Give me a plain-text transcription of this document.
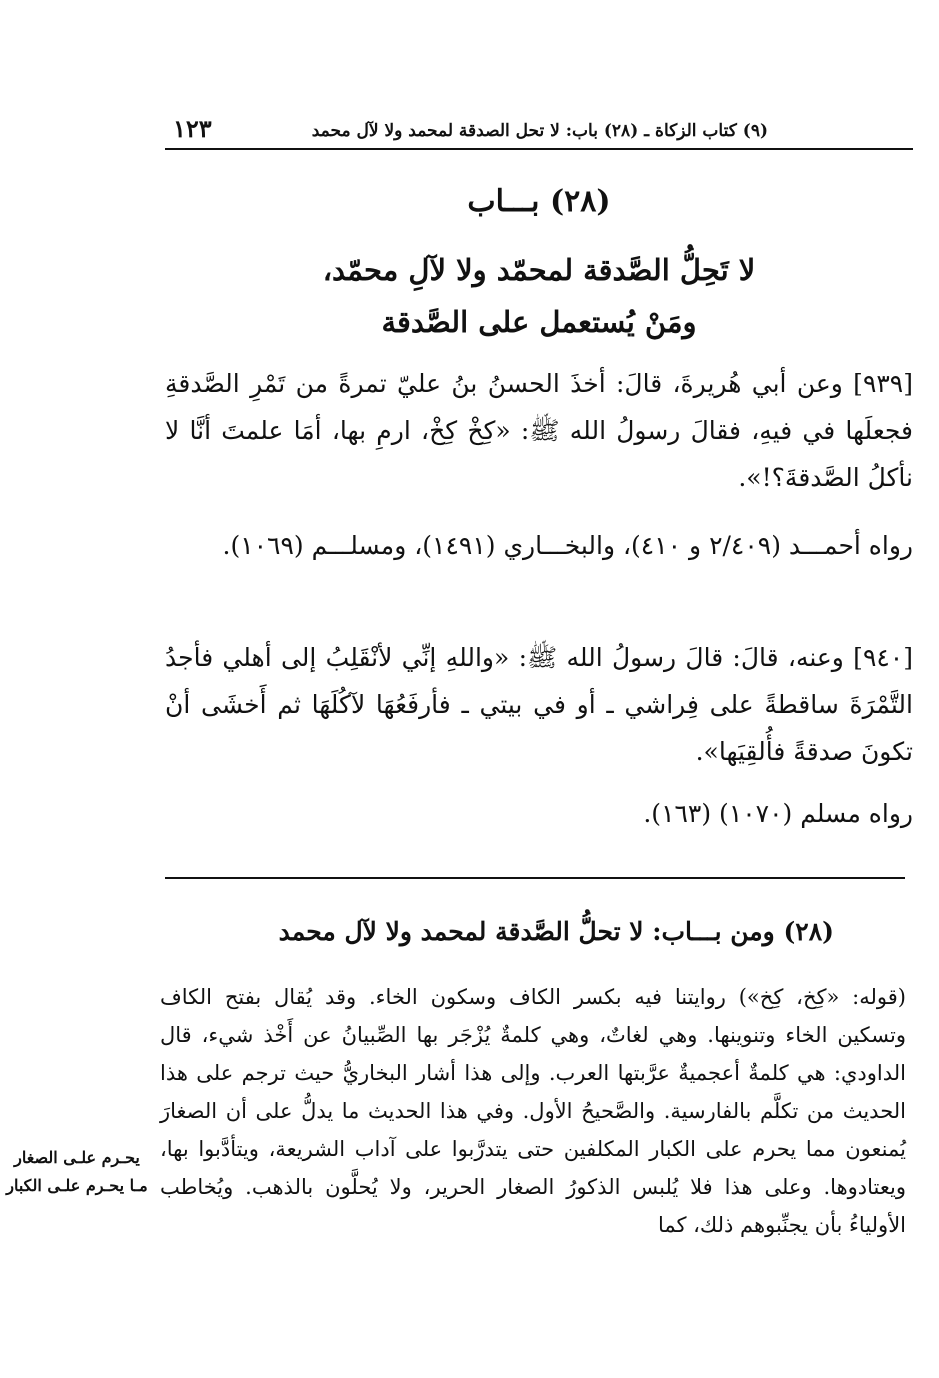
١٢٣	(٩) كتاب الزكاة ـ (٢٨) باب: لا تحل الصدقة لمحمد ولا لآل محمد
(٢٨) بـــاب
لا تَحِلُّ الصَّدقة لمحمّد ولا لآلِ محمّد،
ومَنْ يُستعمل على الصَّدقة
[٩٣٩] وعن أبي هُريرةَ، قالَ: أخذَ الحسنُ بنُ عليّ تمرةً من تَمْرِ الصَّدقةِ فجعلَها في فيهِ، فقالَ رسولُ الله ﷺ: «كِخْ كِخْ، ارمِ بها، أمَا علمتَ أنَّا لا نأكلُ الصَّدقةَ؟!».
رواه أحمـــد (٢/٤٠٩ و ٤١٠)، والبخـــاري (١٤٩١)، ومسلـــم (١٠٦٩).
[٩٤٠] وعنه، قالَ: قالَ رسولُ الله ﷺ: «واللهِ إنِّي لأنْقَلِبُ إلى أهلي فأجدُ التَّمْرَةَ ساقطةً على فِراشي ـ أو في بيتي ـ فأرفَعُهَا لآكُلَهَا ثم أَخشَى أنْ تكونَ صدقةً فأُلقِيَها».
رواه مسلم (١٠٧٠) (١٦٣).
(٢٨) ومن بـــاب: لا تحلُّ الصَّدقة لمحمد ولا لآل محمد
(قوله: «كِخ، كِخ») روايتنا فيه بكسر الكاف وسكون الخاء. وقد يُقال بفتح الكاف وتسكين الخاء وتنوينها. وهي لغاتٌ، وهي كلمةٌ يُزْجَر بها الصِّبيانُ عن أَخْذ شيء، قال الداودي: هي كلمةٌ أعجميةٌ عرَّبتها العرب. وإلى هذا أشار البخاريُّ حيث ترجم على هذا الحديث من تكلَّم بالفارسية. والصَّحيحُ الأول. وفي هذا الحديث ما يدلُّ على أن الصغارَ يُمنعون مما يحرم على الكبار المكلفين حتى يتدرَّبوا على آداب الشريعة، ويتأدَّبوا بها، ويعتادوها. وعلى هذا فلا يُلبس الذكورُ الصغار الحرير، ولا يُحلَّون بالذهب. ويُخاطب الأولياءُ بأن يجنِّبوهم ذلك، كما
يحـرم علـى الصغار مـا يحـرم علـى الكبار
